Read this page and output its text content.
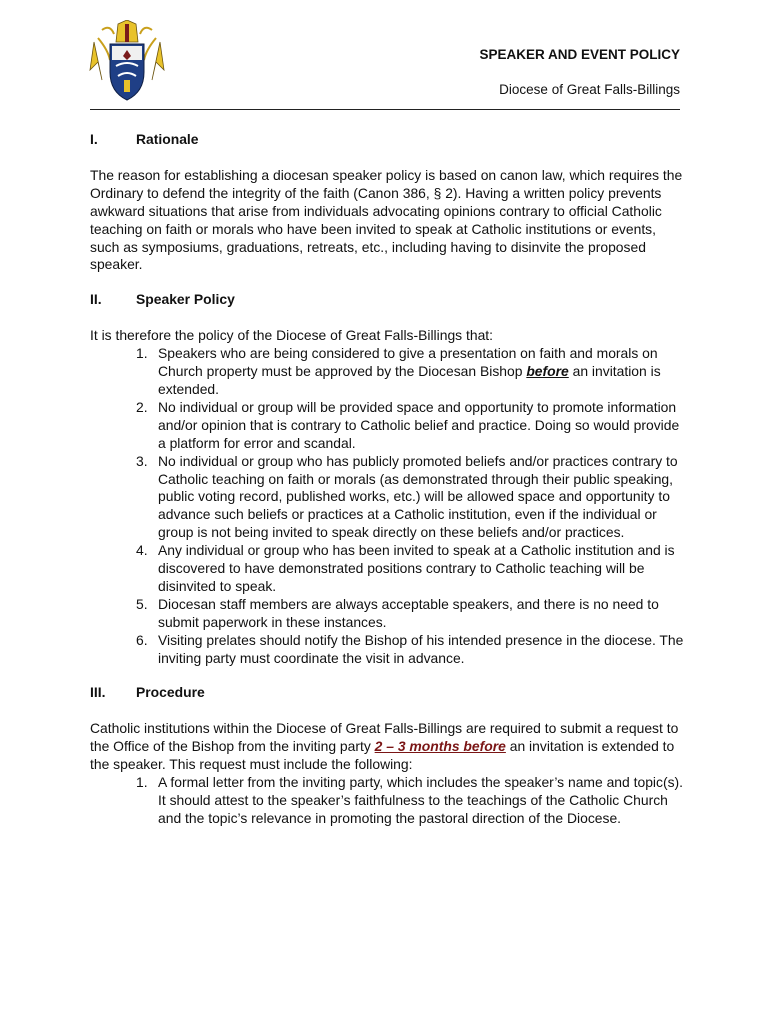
SPEAKER AND EVENT POLICY
Diocese of Great Falls-Billings
I.	Rationale

The reason for establishing a diocesan speaker policy is based on canon law, which requires the Ordinary to defend the integrity of the faith (Canon 386, § 2). Having a written policy prevents awkward situations that arise from individuals advocating opinions contrary to official Catholic teaching on faith or morals who have been invited to speak at Catholic institutions or events, such as symposiums, graduations, retreats, etc., including having to disinvite the proposed speaker.

II.	Speaker Policy

It is therefore the policy of the Diocese of Great Falls-Billings that:

1. Speakers who are being considered to give a presentation on faith and morals on Church property must be approved by the Diocesan Bishop before an invitation is extended.
2. No individual or group will be provided space and opportunity to promote information and/or opinion that is contrary to Catholic belief and practice. Doing so would provide a platform for error and scandal.
3. No individual or group who has publicly promoted beliefs and/or practices contrary to Catholic teaching on faith or morals (as demonstrated through their public speaking, public voting record, published works, etc.) will be allowed space and opportunity to advance such beliefs or practices at a Catholic institution, even if the individual or group is not being invited to speak directly on these beliefs and/or practices.
4. Any individual or group who has been invited to speak at a Catholic institution and is discovered to have demonstrated positions contrary to Catholic teaching will be disinvited to speak.
5. Diocesan staff members are always acceptable speakers, and there is no need to submit paperwork in these instances.
6. Visiting prelates should notify the Bishop of his intended presence in the diocese. The inviting party must coordinate the visit in advance.
III.	Procedure

Catholic institutions within the Diocese of Great Falls-Billings are required to submit a request to the Office of the Bishop from the inviting party 2 – 3 months before an invitation is extended to the speaker. This request must include the following:

1. A formal letter from the inviting party, which includes the speaker’s name and topic(s). It should attest to the speaker’s faithfulness to the teachings of the Catholic Church and the topic’s relevance in promoting the pastoral direction of the Diocese.
